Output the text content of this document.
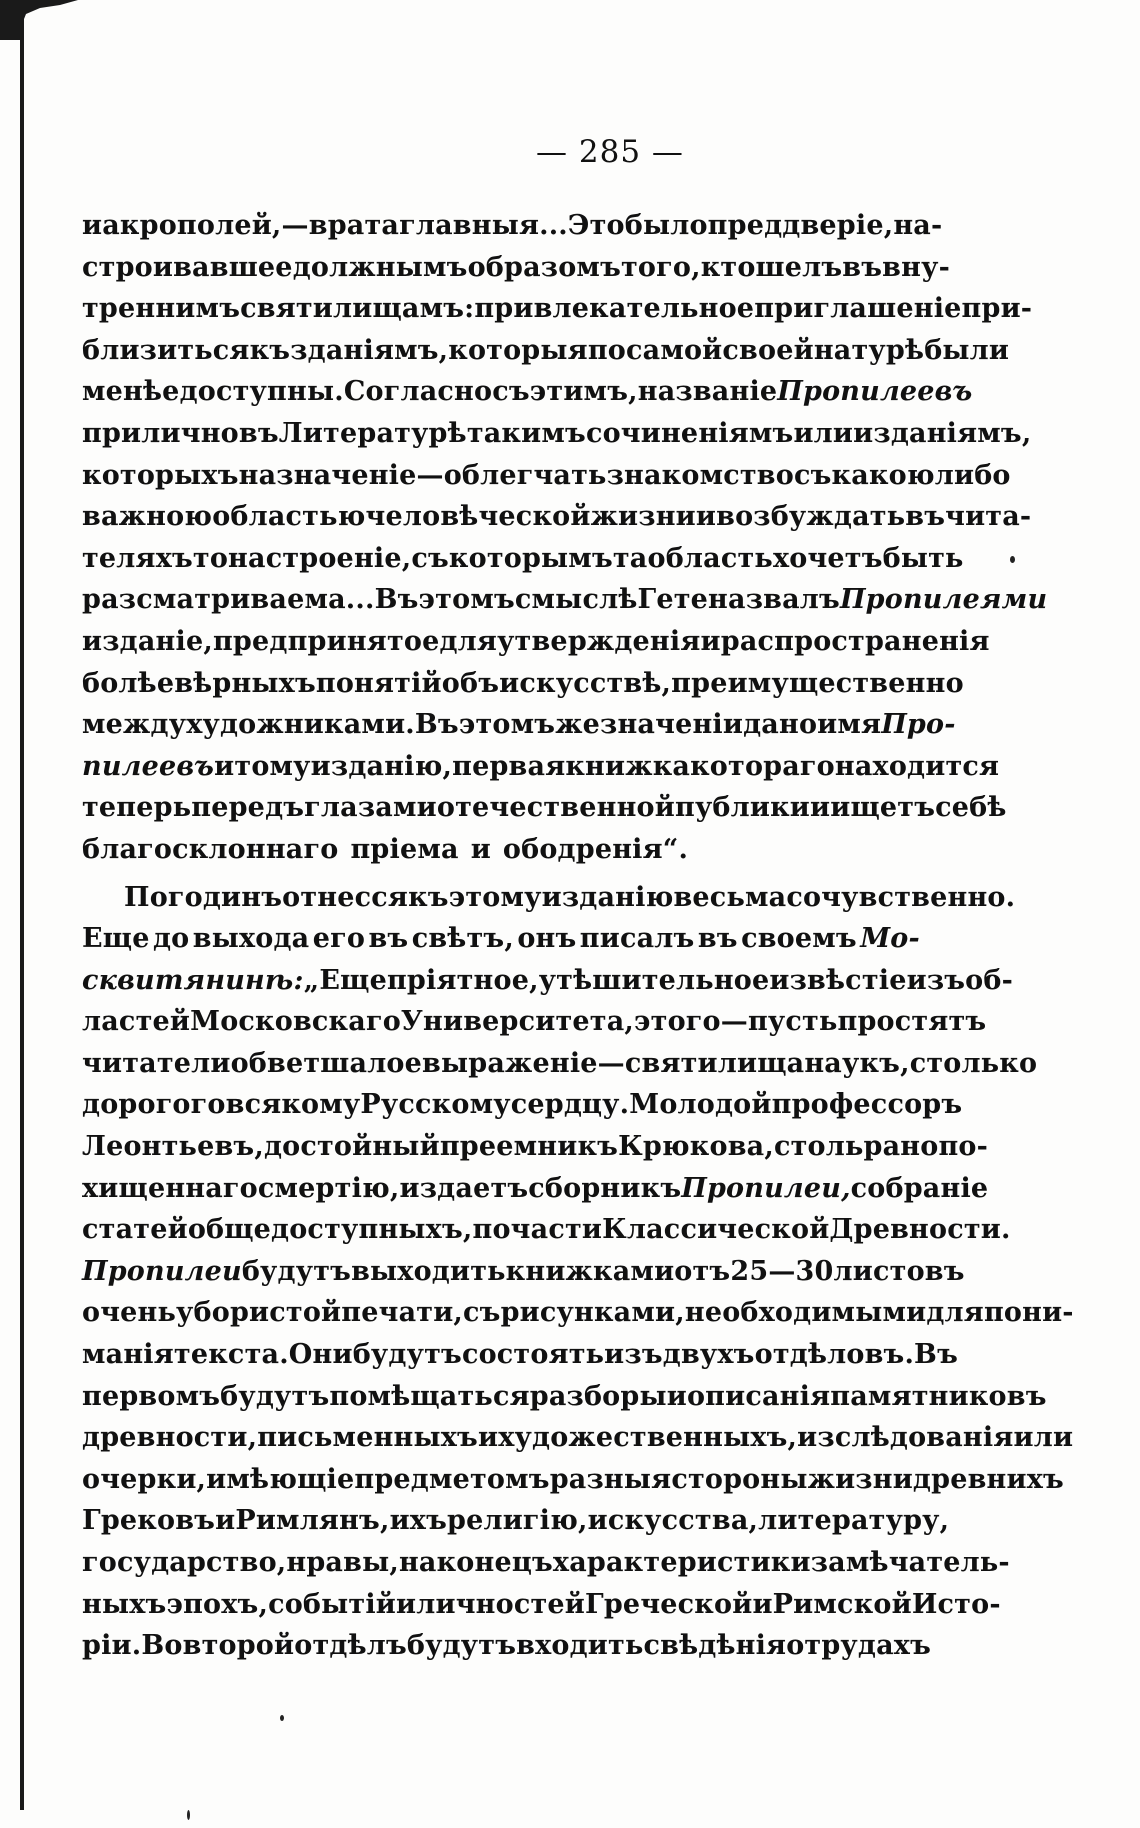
— 285 —
и акрополей,—врата главныя... Это было преддверіе, на-
строивавшее должнымъ образомъ того, кто шелъ въ вну-
треннимъ святилищамъ: привлекательное приглашеніе при-
близиться къ зданіямъ, которыя по самой своей натурѣ были
менѣе доступны. Согласно съ этимъ, названіе Пропилеевъ
прилично въ Литературѣ такимъ сочиненіямъ или изданіямъ,
которыхъ назначеніе—облегчать знакомство съ какою либо
важною областью человѣческой жизни и возбуждать въ чита-
теляхъ то настроеніе, съ которымъ та область хочетъ быть
разсматриваема... Въ этомъ смыслѣ Гете назвалъ Пропилеями
изданіе, предпринятое для утвержденія и распространенія
болѣе вѣрныхъ понятій объ искусствѣ, преимущественно
между художниками. Въ этомъ же значеніи дано имя Про-
пилеевъ и тому изданію, первая книжка котораго находится
теперь передъ глазами отечественной публики и ищетъ себѣ
благосклоннаго пріема и ободренія“.
Погодинъ отнесся къ этому изданію весьма сочувственно.
Еще до выхода его въ свѣтъ, онъ писалъ въ своемъ Мо-
сквитянинѣ: „Еще пріятное, утѣшительное извѣстіе изъ об-
ластей Московскаго Университета, этого — пусть простятъ
читатели обветшалое выраженіе—святилища наукъ, столько
дорогого всякому Русскому сердцу. Молодой профессоръ
Леонтьевъ, достойный преемникъ Крюкова, столь рано по-
хищеннаго смертію, издаетъ сборникъ Пропилеи, собраніе
статей общедоступныхъ, по части Классической Древности.
Пропилеи будутъ выходить книжками отъ 25 — 30 листовъ
очень убористой печати, съ рисунками, необходимыми для пони-
манія текста. Они будутъ состоять изъ двухъ отдѣловъ. Въ
первомъ будутъ помѣщаться разборы и описанія памятниковъ
древности, письменныхъ и художественныхъ, изслѣдованія или
очерки, имѣющіе предметомъ разныя стороны жизни древнихъ
Грековъ и Римлянъ, ихъ религію, искусства, литературу,
государство, нравы, наконецъ характеристики замѣчатель-
ныхъ эпохъ, событій и личностей Греческой и Римской Исто-
ріи. Во второй отдѣлъ будутъ входить свѣдѣнія о трудахъ
